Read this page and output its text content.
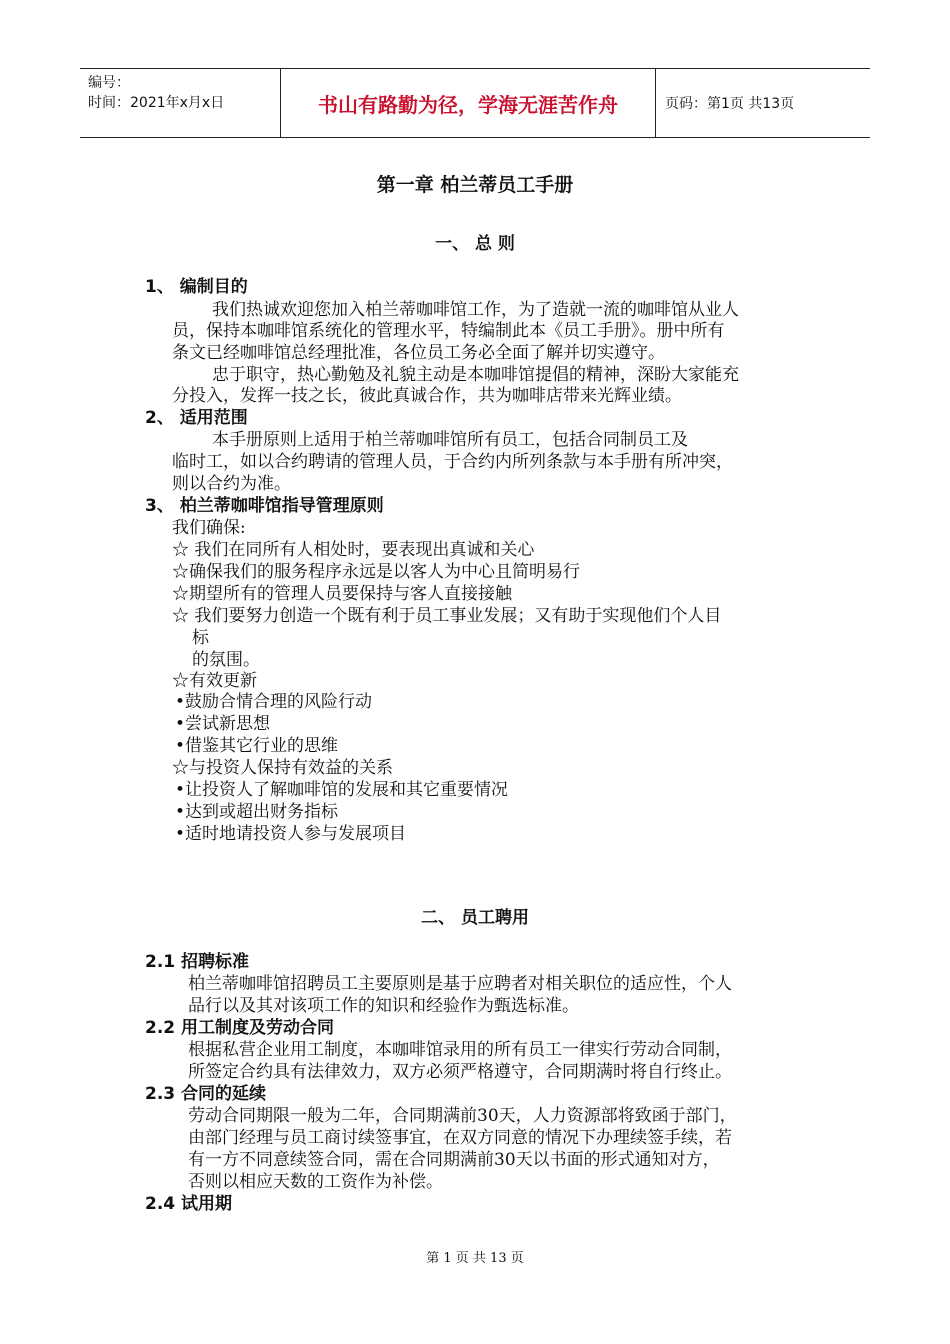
编号：
时间：2021年x月x日	书山有路勤为径，学海无涯苦作舟	页码：第1页 共13页
第一章 柏兰蒂员工手册
一、 总 则
1、 编制目的
我们热诚欢迎您加入柏兰蒂咖啡馆工作，为了造就一流的咖啡馆从业人
员，保持本咖啡馆系统化的管理水平，特编制此本《员工手册》。册中所有
条文已经咖啡馆总经理批准，各位员工务必全面了解并切实遵守。
忠于职守，热心勤勉及礼貌主动是本咖啡馆提倡的精神，深盼大家能充
分投入，发挥一技之长，彼此真诚合作，共为咖啡店带来光辉业绩。
2、 适用范围
本手册原则上适用于柏兰蒂咖啡馆所有员工，包括合同制员工及
临时工，如以合约聘请的管理人员，于合约内所列条款与本手册有所冲突，
则以合约为准。
3、 柏兰蒂咖啡馆指导管理原则
我们确保:
☆ 我们在同所有人相处时，要表现出真诚和关心
☆确保我们的服务程序永远是以客人为中心且简明易行
☆期望所有的管理人员要保持与客人直接接触
☆ 我们要努力创造一个既有利于员工事业发展；又有助于实现他们个人目
标
的氛围。
☆有效更新
•鼓励合情合理的风险行动
•尝试新思想
•借鉴其它行业的思维
☆与投资人保持有效益的关系
•让投资人了解咖啡馆的发展和其它重要情况
•达到或超出财务指标
•适时地请投资人参与发展项目
二、 员工聘用
2.1 招聘标准
柏兰蒂咖啡馆招聘员工主要原则是基于应聘者对相关职位的适应性，个人
品行以及其对该项工作的知识和经验作为甄选标准。
2.2 用工制度及劳动合同
根据私营企业用工制度，本咖啡馆录用的所有员工一律实行劳动合同制，
所签定合约具有法律效力，双方必须严格遵守，合同期满时将自行终止。
2.3 合同的延续
劳动合同期限一般为二年，合同期满前30天，人力资源部将致函于部门，
由部门经理与员工商讨续签事宜，在双方同意的情况下办理续签手续，若
有一方不同意续签合同，需在合同期满前30天以书面的形式通知对方，
否则以相应天数的工资作为补偿。
2.4 试用期
第 1 页 共 13 页
